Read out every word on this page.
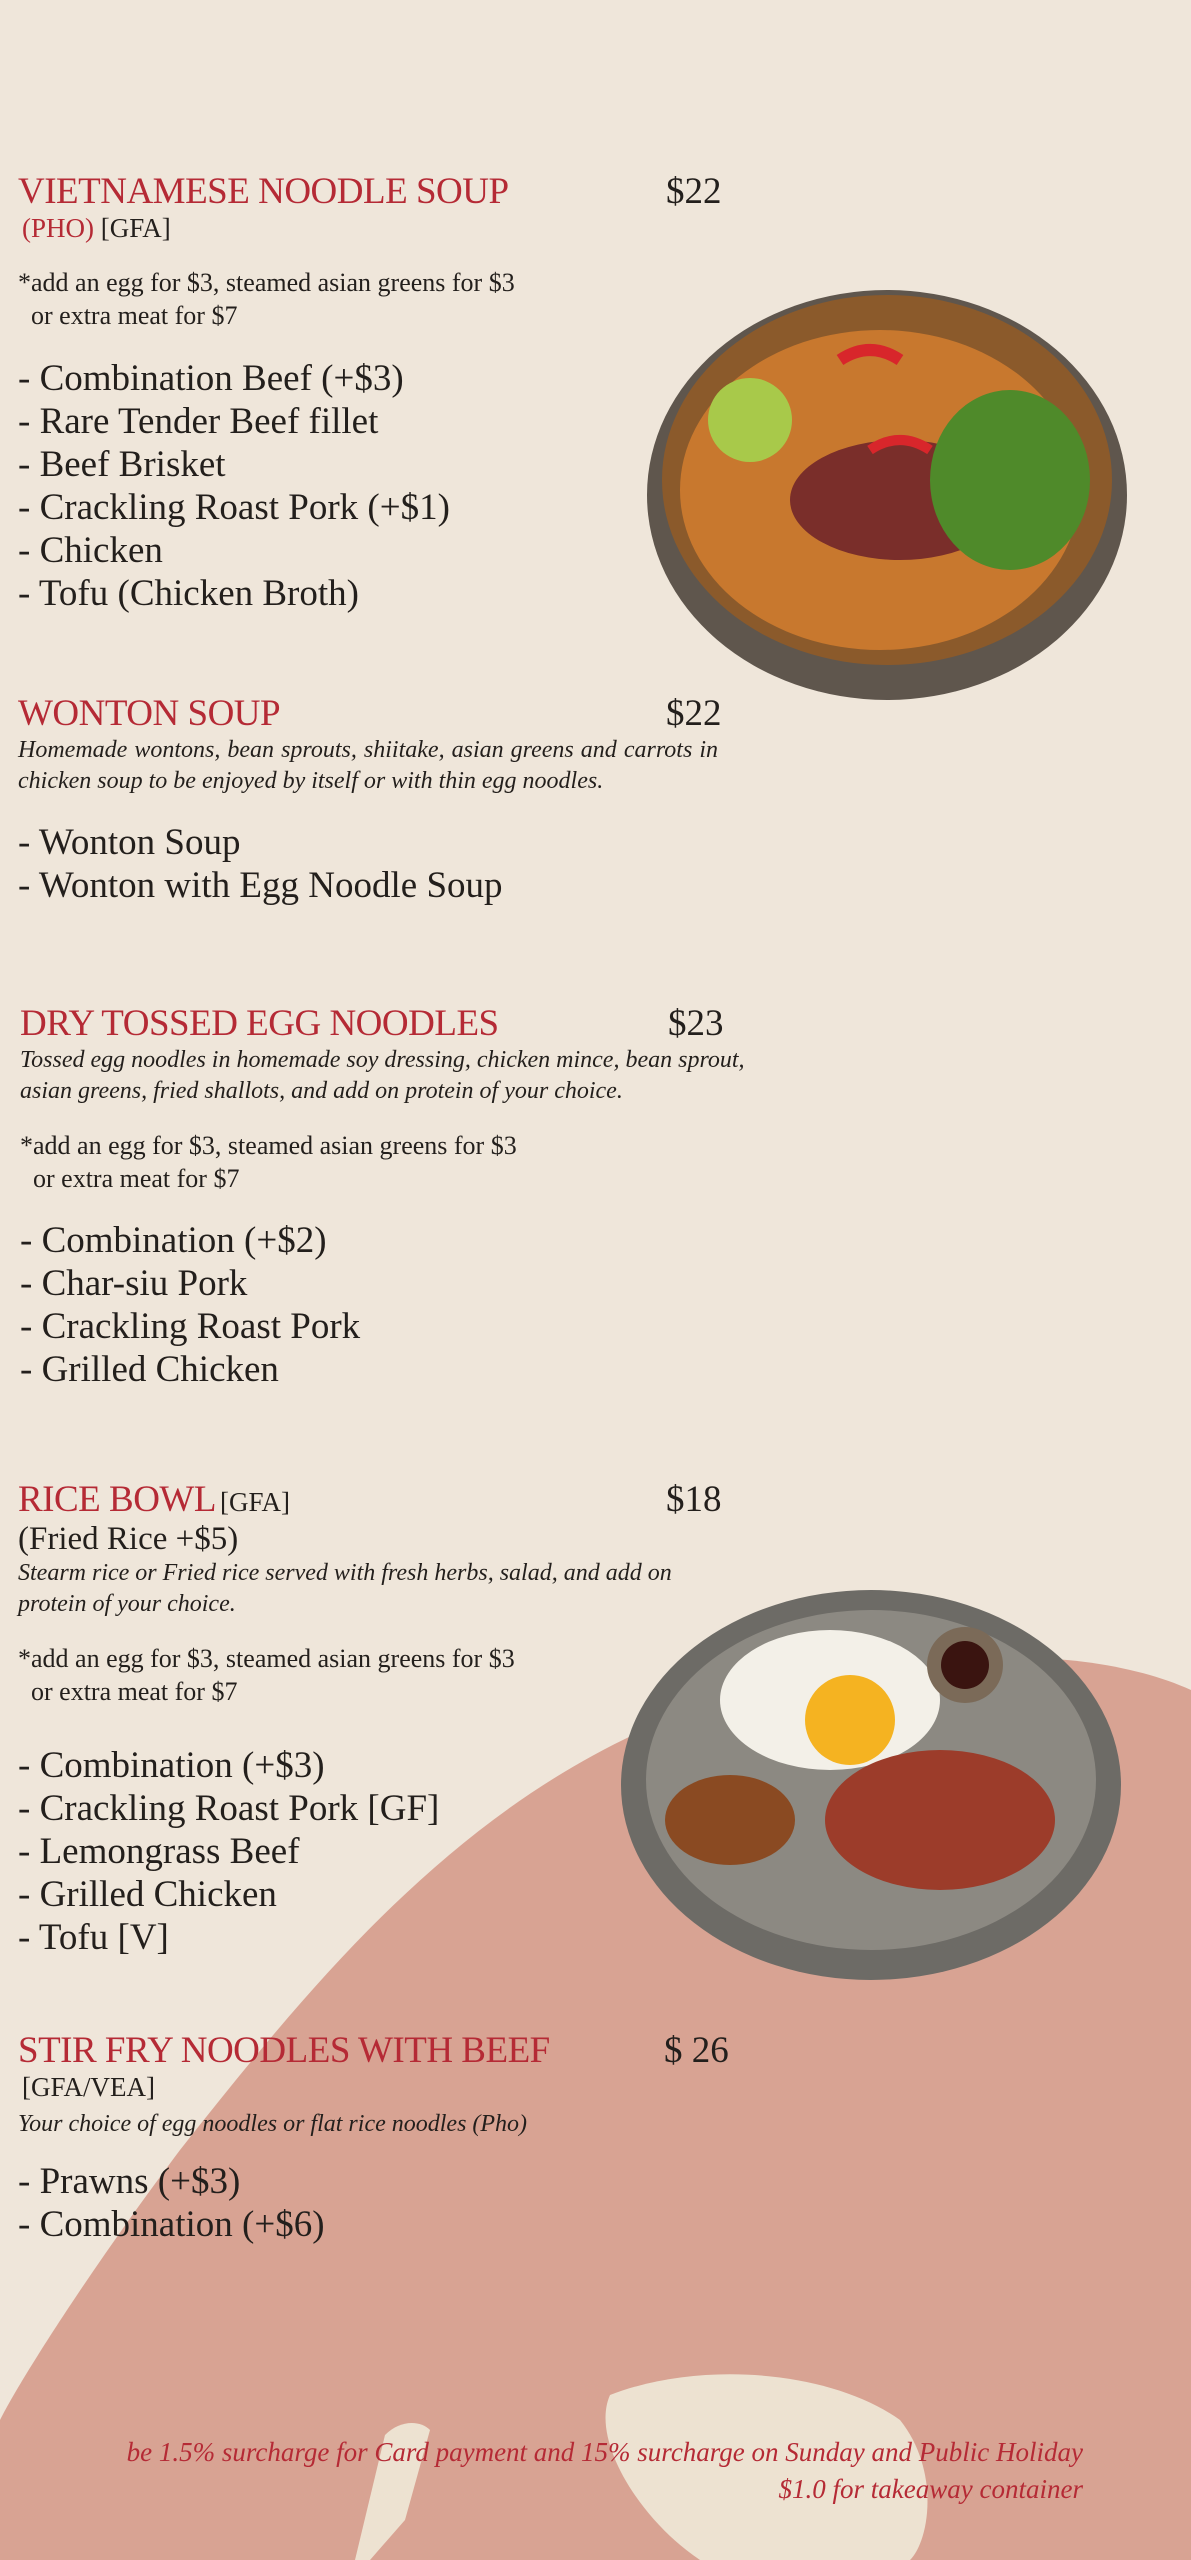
VIETNAMESE NOODLE SOUP
(PHO) [GFA]
*add an egg for $3, steamed asian greens for $3
or extra meat for $7
- Combination Beef (+$3)
- Rare Tender Beef fillet
- Beef Brisket
- Crackling Roast Pork (+$1)
- Chicken
- Tofu (Chicken Broth)
$22
WONTON SOUP
Homemade wontons, bean sprouts, shiitake, asian greens and carrots in chicken soup to be enjoyed by itself or with thin egg noodles.
- Wonton Soup
- Wonton with Egg Noodle Soup
$22
DRY TOSSED EGG NOODLES
Tossed egg noodles in homemade soy dressing, chicken mince, bean sprout, asian greens, fried shallots, and add on protein of your choice.
*add an egg for $3, steamed asian greens for $3
or extra meat for $7
- Combination (+$2)
- Char-siu Pork
- Crackling Roast Pork
- Grilled Chicken
$23
RICE BOWL [GFA]
(Fried Rice +$5)
Stearm rice or Fried rice served with fresh herbs, salad, and add on protein of your choice.
*add an egg for $3, steamed asian greens for $3
or extra meat for $7
- Combination (+$3)
- Crackling Roast Pork [GF]
- Lemongrass Beef
- Grilled Chicken
- Tofu [V]
$18
STIR FRY NOODLES WITH BEEF
[GFA/VEA]
Your choice of egg noodles or flat rice noodles (Pho)
- Prawns (+$3)
- Combination (+$6)
$ 26
be 1.5% surcharge for Card payment and 15% surcharge on Sunday and Public Holiday
$1.0 for takeaway container
